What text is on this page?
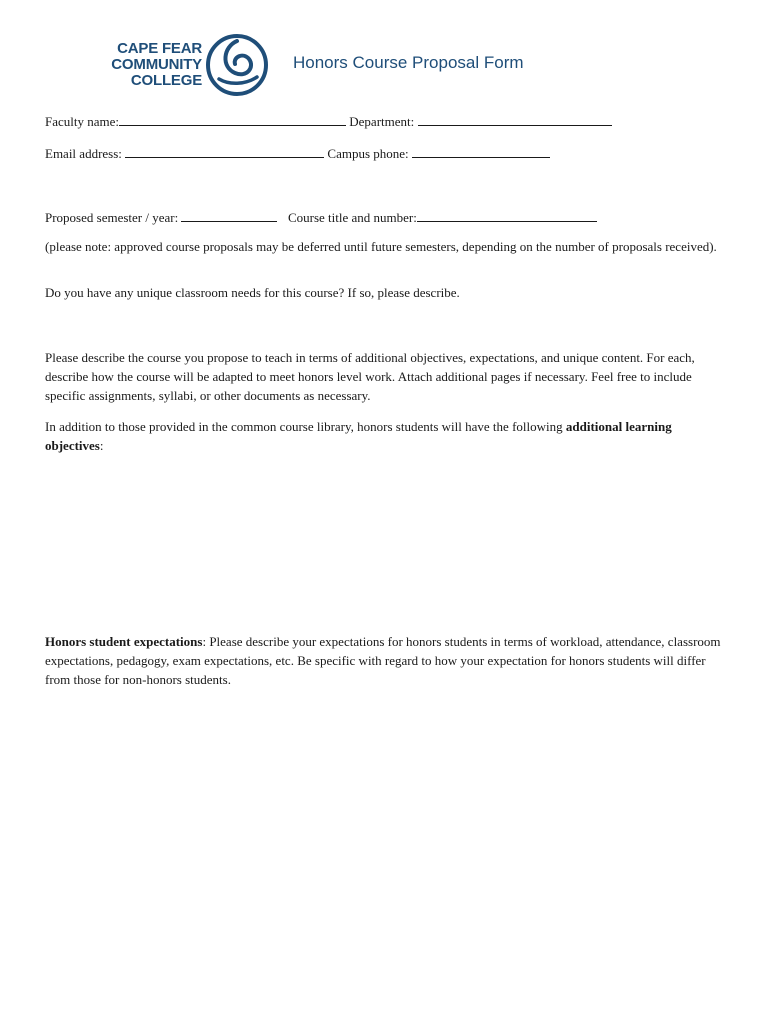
CAPE FEAR
COMMUNITY
COLLEGE
Honors Course Proposal Form
Faculty name:	Department:
Email address:	Campus phone:
Proposed semester / year:	Course title and number:
(please note: approved course proposals may be deferred until future semesters, depending on the number of proposals received).
Do you have any unique classroom needs for this course? If so, please describe.
Please describe the course you propose to teach in terms of additional objectives, expectations, and unique content. For each, describe how the course will be adapted to meet honors level work. Attach additional pages if necessary. Feel free to include specific assignments, syllabi, or other documents as necessary.
In addition to those provided in the common course library, honors students will have the following additional learning objectives:
Honors student expectations: Please describe your expectations for honors students in terms of workload, attendance, classroom expectations, pedagogy, exam expectations, etc. Be specific with regard to how your expectation for honors students will differ from those for non-honors students.
